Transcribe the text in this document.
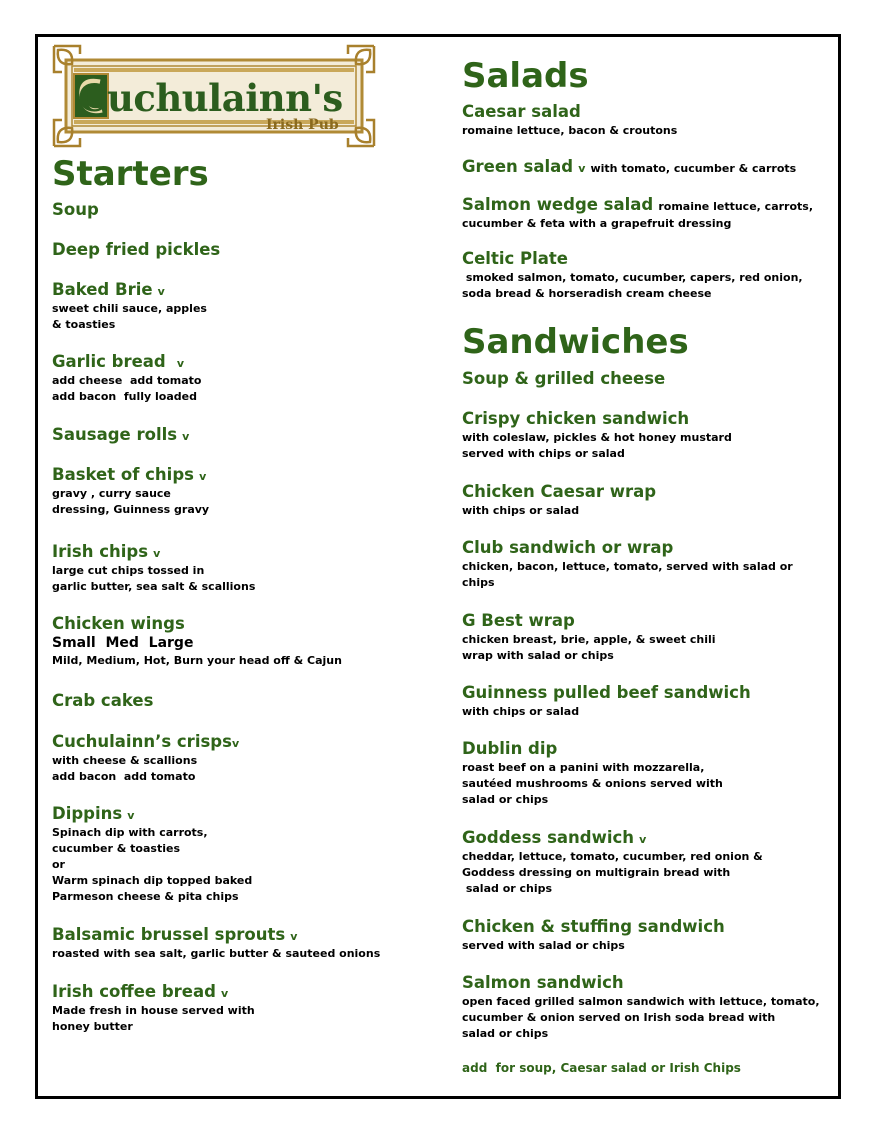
Cuchulainn's
Irish Pub
Starters
Soup
Deep fried pickles
Baked Brie v
sweet chili sauce, apples
& toasties
Garlic bread v
add cheese  add tomato
add bacon  fully loaded
Sausage rolls v
Basket of chips v
gravy , curry sauce
dressing, Guinness gravy
Irish chips v
large cut chips tossed in
garlic butter, sea salt & scallions
Chicken wings
Small  Med  Large
Mild, Medium, Hot, Burn your head off & Cajun
Crab cakes
Cuchulainn’s crispsv
with cheese & scallions
add bacon  add tomato
Dippins v
Spinach dip with carrots,
cucumber & toasties
or
Warm spinach dip topped baked
Parmeson cheese & pita chips
Balsamic brussel sprouts v
roasted with sea salt, garlic butter & sauteed onions
Irish coffee bread v
Made fresh in house served with
honey butter
Salads
Caesar salad
romaine lettuce, bacon & croutons
Green salad v with tomato, cucumber & carrots
Salmon wedge salad romaine lettuce, carrots,
cucumber & feta with a grapefruit dressing
Celtic Plate
smoked salmon, tomato, cucumber, capers, red onion,
soda bread & horseradish cream cheese
Sandwiches
Soup & grilled cheese
Crispy chicken sandwich
with coleslaw, pickles & hot honey mustard
served with chips or salad
Chicken Caesar wrap
with chips or salad
Club sandwich or wrap
chicken, bacon, lettuce, tomato, served with salad or
chips
G Best wrap
chicken breast, brie, apple, & sweet chili
wrap with salad or chips
Guinness pulled beef sandwich
with chips or salad
Dublin dip
roast beef on a panini with mozzarella,
sautéed mushrooms & onions served with
salad or chips
Goddess sandwich v
cheddar, lettuce, tomato, cucumber, red onion &
Goddess dressing on multigrain bread with
salad or chips
Chicken & stuffing sandwich
served with salad or chips
Salmon sandwich
open faced grilled salmon sandwich with lettuce, tomato,
cucumber & onion served on Irish soda bread with
salad or chips
add  for soup, Caesar salad or Irish Chips
